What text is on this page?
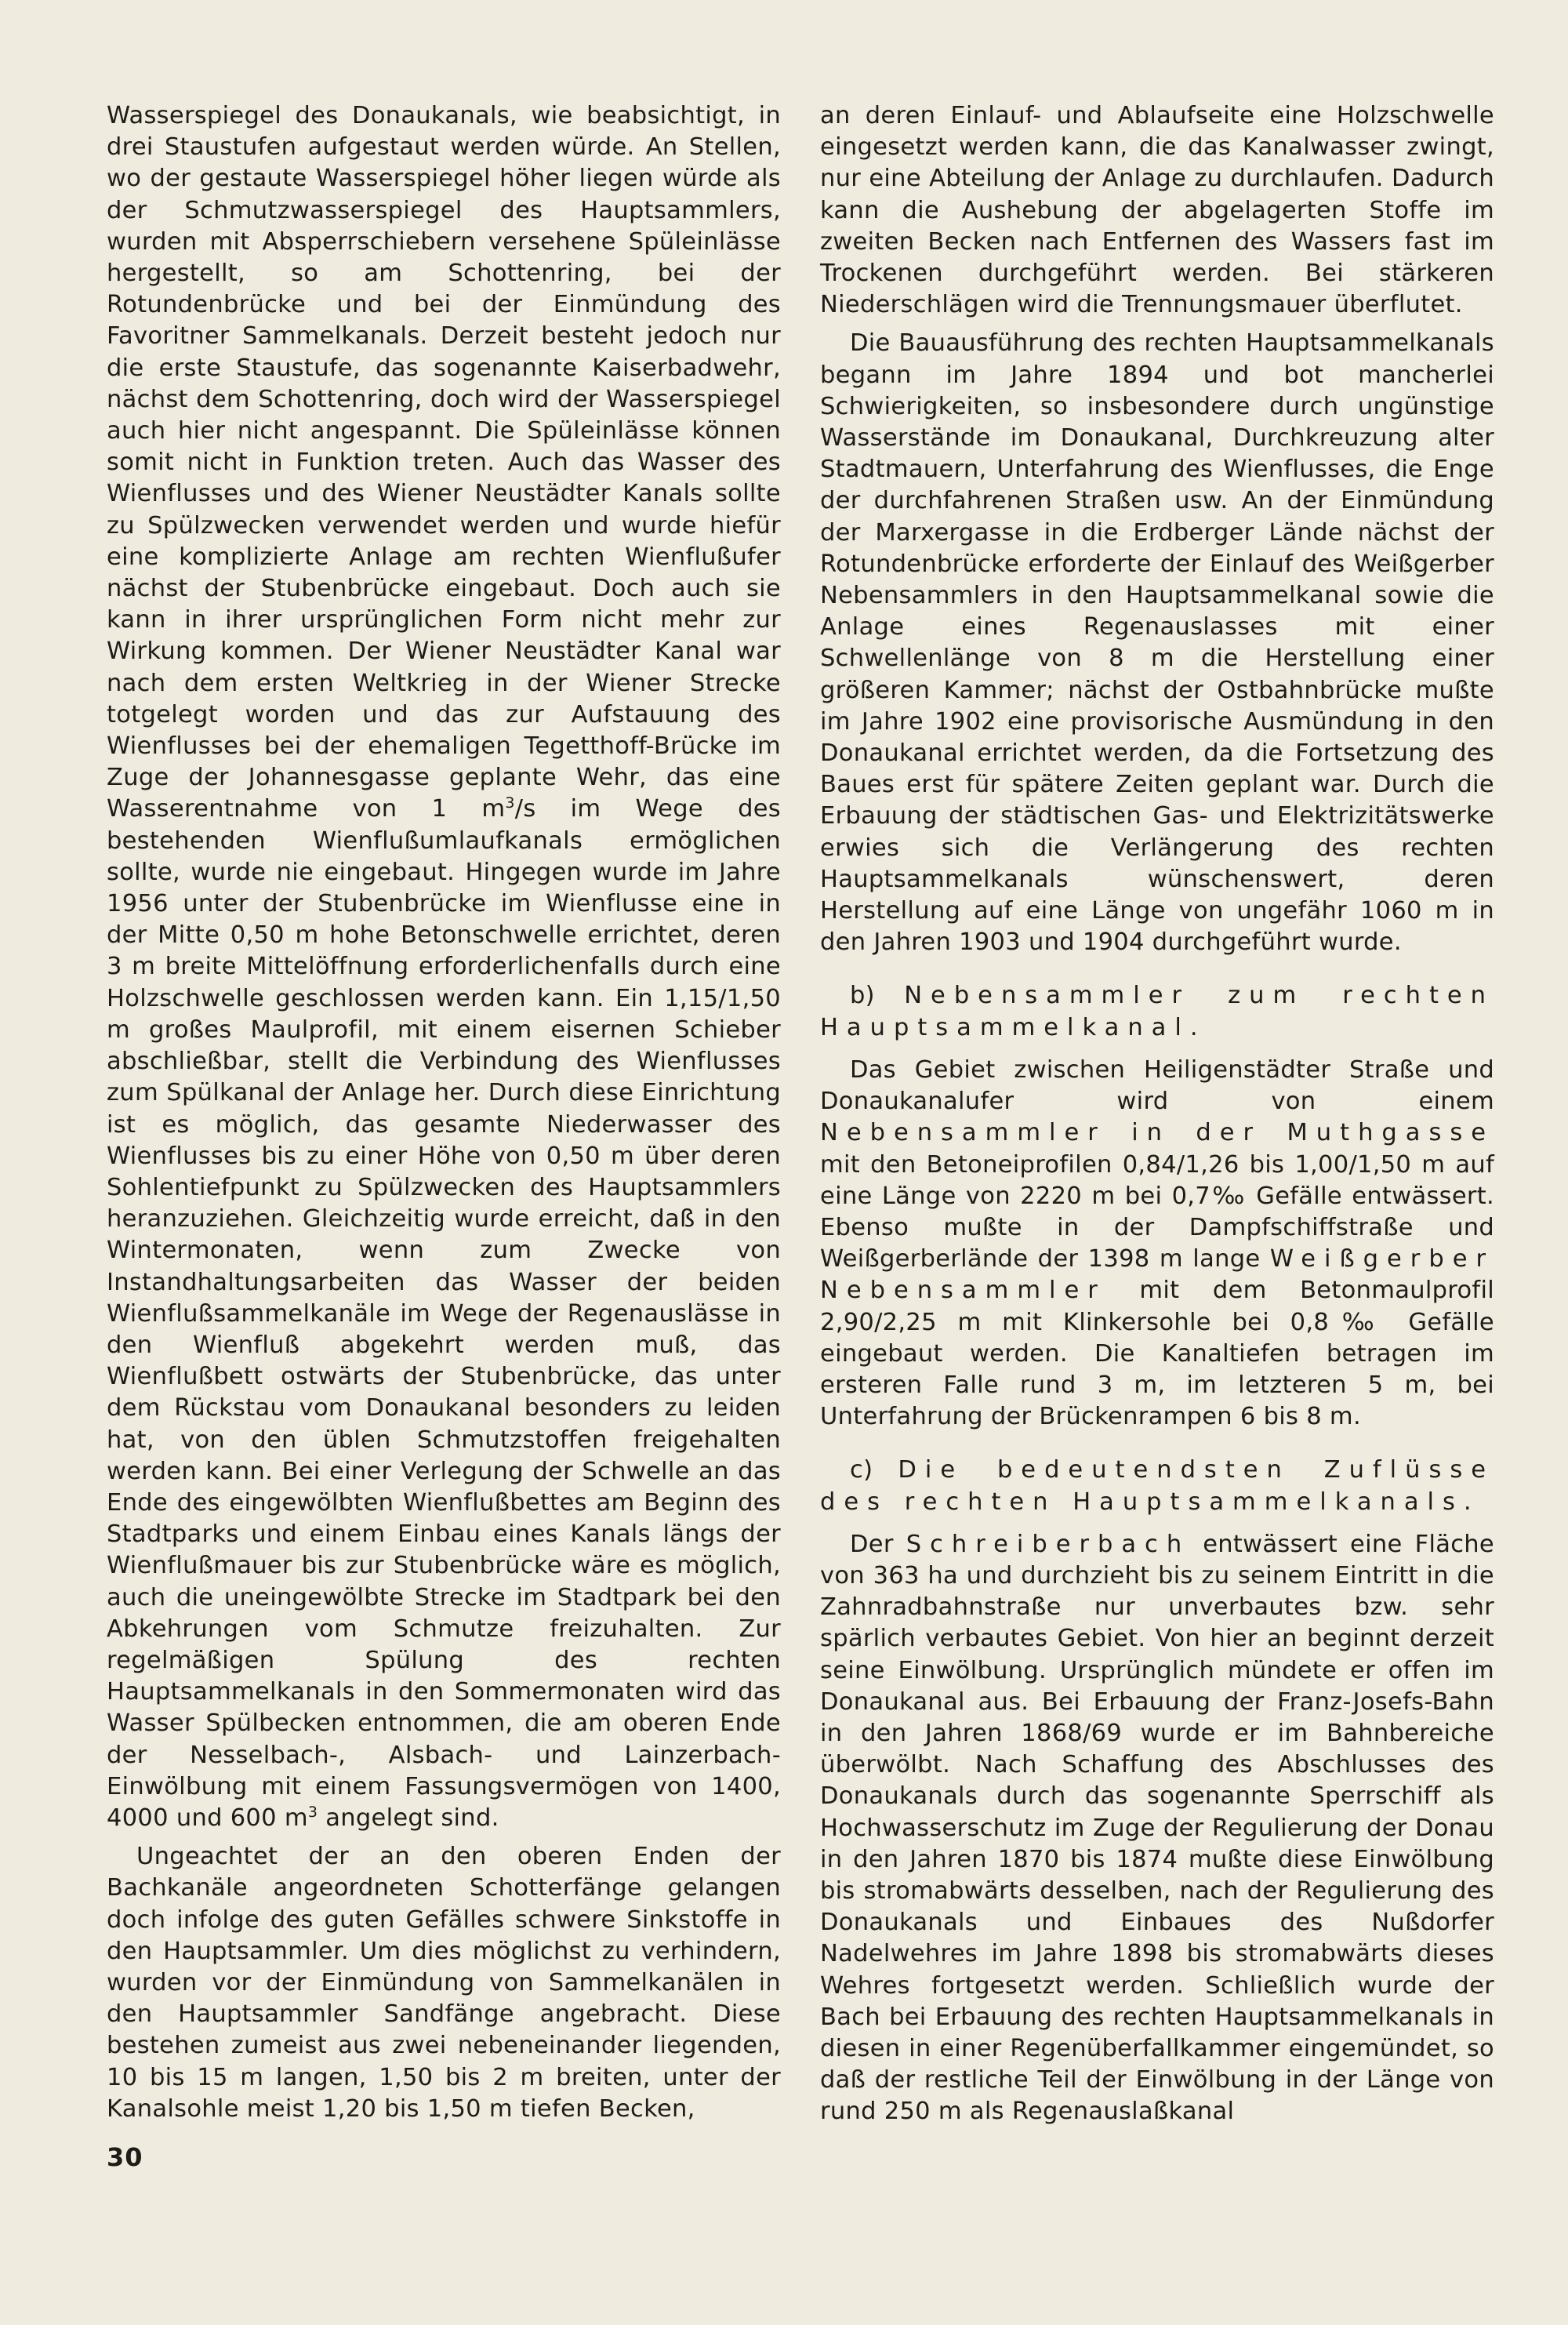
Wasserspiegel des Donaukanals, wie beabsichtigt, in drei Staustufen aufgestaut werden würde. An Stellen, wo der gestaute Wasserspiegel höher liegen würde als der Schmutzwasserspiegel des Hauptsammlers, wurden mit Absperrschiebern versehene Spüleinlässe hergestellt, so am Schottenring, bei der Rotundenbrücke und bei der Einmündung des Favoritner Sammelkanals. Derzeit besteht jedoch nur die erste Staustufe, das sogenannte Kaiserbadwehr, nächst dem Schottenring, doch wird der Wasserspiegel auch hier nicht angespannt. Die Spüleinlässe können somit nicht in Funktion treten. Auch das Wasser des Wienflusses und des Wiener Neustädter Kanals sollte zu Spülzwecken verwendet werden und wurde hiefür eine komplizierte Anlage am rechten Wienflußufer nächst der Stubenbrücke eingebaut. Doch auch sie kann in ihrer ursprünglichen Form nicht mehr zur Wirkung kommen. Der Wiener Neustädter Kanal war nach dem ersten Weltkrieg in der Wiener Strecke totgelegt worden und das zur Aufstauung des Wienflusses bei der ehemaligen Tegetthoff-Brücke im Zuge der Johannesgasse geplante Wehr, das eine Wasserentnahme von 1 $m^3/s$ im Wege des bestehenden Wienflußumlaufkanals ermöglichen sollte, wurde nie eingebaut. Hingegen wurde im Jahre 1956 unter der Stubenbrücke im Wienflusse eine in der Mitte 0,50 m hohe Betonschwelle errichtet, deren 3 m breite Mittelöffnung erforderlichenfalls durch eine Holzschwelle geschlossen werden kann. Ein 1,15/1,50 m großes Maulprofil, mit einem eisernen Schieber abschließbar, stellt die Verbindung des Wienflusses zum Spülkanal der Anlage her. Durch diese Einrichtung ist es möglich, das gesamte Niederwasser des Wienflusses bis zu einer Höhe von 0,50 m über deren Sohlentiefpunkt zu Spülzwecken des Hauptsammlers heranzuziehen. Gleichzeitig wurde erreicht, daß in den Wintermonaten, wenn zum Zwecke von Instandhaltungsarbeiten das Wasser der beiden Wienflußsammelkanäle im Wege der Regenauslässe in den Wienfluß abgekehrt werden muß, das Wienflußbett ostwärts der Stubenbrücke, das unter dem Rückstau vom Donaukanal besonders zu leiden hat, von den üblen Schmutzstoffen freigehalten werden kann. Bei einer Verlegung der Schwelle an das Ende des eingewölbten Wienflußbettes am Beginn des Stadtparks und einem Einbau eines Kanals längs der Wienflußmauer bis zur Stubenbrücke wäre es möglich, auch die uneingewölbte Strecke im Stadtpark bei den Abkehrungen vom Schmutze freizuhalten. Zur regelmäßigen Spülung des rechten Hauptsammelkanals in den Sommermonaten wird das Wasser Spülbecken entnommen, die am oberen Ende der Nesselbach-, Alsbach- und Lainzerbach-Einwölbung mit einem Fassungsvermögen von 1400, 4000 und 600 $m^3$ angelegt sind.

Ungeachtet der an den oberen Enden der Bachkanäle angeordneten Schotterfänge gelangen doch infolge des guten Gefälles schwere Sinkstoffe in den Hauptsammler. Um dies möglichst zu verhindern, wurden vor der Einmündung von Sammelkanälen in den Hauptsammler Sandfänge angebracht. Diese bestehen zumeist aus zwei nebeneinander liegenden, 10 bis 15 m langen, 1,50 bis 2 m breiten, unter der Kanalsohle meist 1,20 bis 1,50 m tiefen Becken,

an deren Einlauf- und Ablaufseite eine Holzschwelle eingesetzt werden kann, die das Kanalwasser zwingt, nur eine Abteilung der Anlage zu durchlaufen. Dadurch kann die Aushebung der abgelagerten Stoffe im zweiten Becken nach Entfernen des Wassers fast im Trockenen durchgeführt werden. Bei stärkeren Niederschlägen wird die Trennungsmauer überflutet.

Die Bauausführung des rechten Hauptsammelkanals begann im Jahre 1894 und bot mancherlei Schwierigkeiten, so insbesondere durch ungünstige Wasserstände im Donaukanal, Durchkreuzung alter Stadtmauern, Unterfahrung des Wienflusses, die Enge der durchfahrenen Straßen usw. An der Einmündung der Marxergasse in die Erdberger Lände nächst der Rotundenbrücke erforderte der Einlauf des Weißgerber Nebensammlers in den Hauptsammelkanal sowie die Anlage eines Regenauslasses mit einer Schwellenlänge von 8 m die Herstellung einer größeren Kammer; nächst der Ostbahnbrücke mußte im Jahre 1902 eine provisorische Ausmündung in den Donaukanal errichtet werden, da die Fortsetzung des Baues erst für spätere Zeiten geplant war. Durch die Erbauung der städtischen Gas- und Elektrizitätswerke erwies sich die Verlängerung des rechten Hauptsammelkanals wünschenswert, deren Herstellung auf eine Länge von ungefähr 1060 m in den Jahren 1903 und 1904 durchgeführt wurde.

b) Nebensammler zum rechten Hauptsammelkanal.

Das Gebiet zwischen Heiligenstädter Straße und Donaukanalufer wird von einem Nebensammler in der Muthgasse mit den Betoneiprofilen 0,84/1,26 bis 1,00/1,50 m auf eine Länge von 2220 m bei 0,7‰ Gefälle entwässert. Ebenso mußte in der Dampfschiffstraße und Weißgerberlände der 1398 m lange Weißgerber Nebensammler mit dem Betonmaulprofil 2,90/2,25 m mit Klinkersohle bei 0,8‰ Gefälle eingebaut werden. Die Kanaltiefen betragen im ersteren Falle rund 3 m, im letzteren 5 m, bei Unterfahrung der Brückenrampen 6 bis 8 m.

c) Die bedeutendsten Zuflüsse des rechten Hauptsammelkanals.

Der Schreiberbach entwässert eine Fläche von 363 ha und durchzieht bis zu seinem Eintritt in die Zahnradbahnstraße nur unverbautes bzw. sehr spärlich verbautes Gebiet. Von hier an beginnt derzeit seine Einwölbung. Ursprünglich mündete er offen im Donaukanal aus. Bei Erbauung der Franz-Josefs-Bahn in den Jahren 1868/69 wurde er im Bahnbereiche überwölbt. Nach Schaffung des Abschlusses des Donaukanals durch das sogenannte Sperrschiff als Hochwasserschutz im Zuge der Regulierung der Donau in den Jahren 1870 bis 1874 mußte diese Einwölbung bis stromabwärts desselben, nach der Regulierung des Donaukanals und Einbaues des Nußdorfer Nadelwehres im Jahre 1898 bis stromabwärts dieses Wehres fortgesetzt werden. Schließlich wurde der Bach bei Erbauung des rechten Hauptsammelkanals in diesen in einer Regenüberfallkammer eingemündet, so daß der restliche Teil der Einwölbung in der Länge von rund 250 m als Regenauslaßkanal

30
